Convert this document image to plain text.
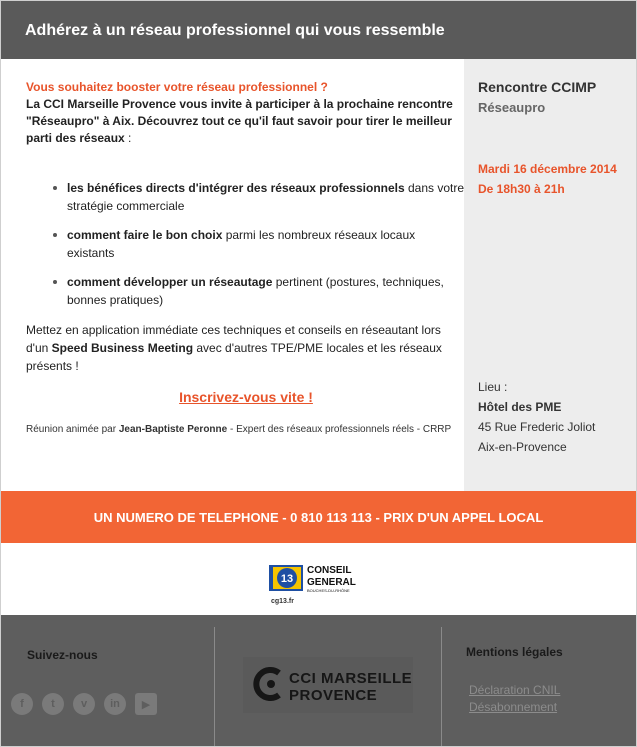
Adhérez à un réseau professionnel qui vous ressemble
Vous souhaitez booster votre réseau professionnel ?
La CCI Marseille Provence vous invite à participer à la prochaine rencontre "Réseaupro" à Aix. Découvrez tout ce qu'il faut savoir pour tirer le meilleur parti des réseaux :
les bénéfices directs d'intégrer des réseaux professionnels dans votre stratégie commerciale
comment faire le bon choix parmi les nombreux réseaux locaux existants
comment développer un réseautage pertinent (postures, techniques, bonnes pratiques)
Mettez en application immédiate ces techniques et conseils en réseautant lors d'un Speed Business Meeting avec d'autres TPE/PME locales et les réseaux présents !
Inscrivez-vous vite !
Réunion animée par Jean-Baptiste Peronne - Expert des réseaux professionnels réels - CRRP
Rencontre CCIMP
Réseaupro
Mardi 16 décembre 2014
De 18h30 à 21h
Lieu :
Hôtel des PME
45 Rue Frederic Joliot
Aix-en-Provence
UN NUMERO DE TELEPHONE - 0 810 113 113 - PRIX D'UN APPEL LOCAL
13
CONSEIL
GENERAL
BOUCHES-DU-RHÔNE
cg13.fr
Suivez-nous
f	t	v	in	▶
CCI MARSEILLE
PROVENCE
Mentions légales
Déclaration CNIL
Désabonnement
